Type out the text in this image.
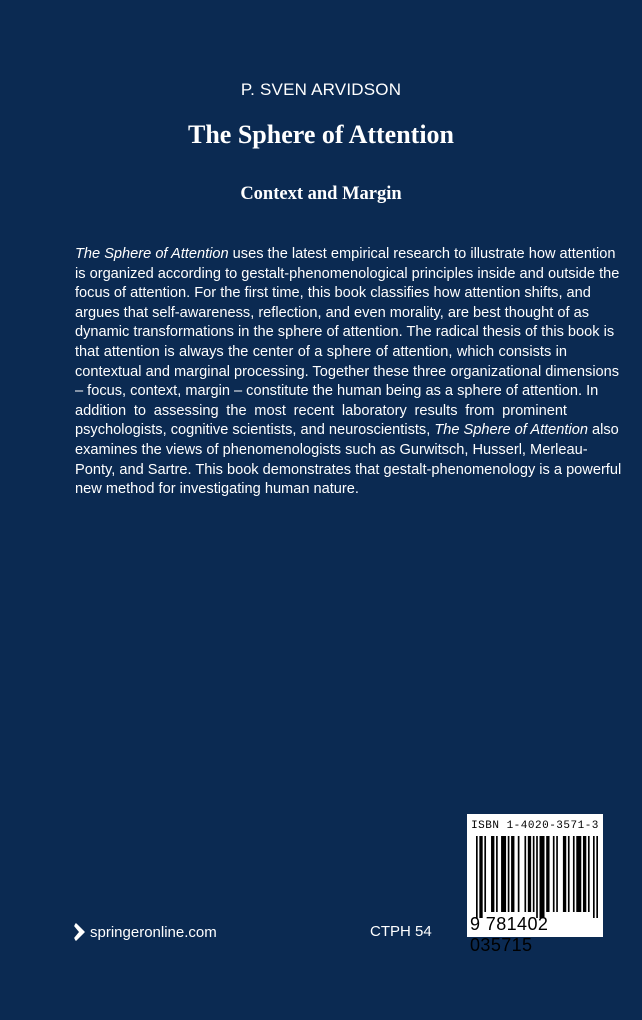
P. SVEN ARVIDSON
The Sphere of Attention
Context and Margin
The Sphere of Attention uses the latest empirical research to illustrate how attention
is organized according to gestalt-phenomenological principles inside and outside the
focus of attention. For the first time, this book classifies how attention shifts, and
argues that self-awareness, reflection, and even morality, are best thought of as
dynamic transformations in the sphere of attention. The radical thesis of this book is
that attention is always the center of a sphere of attention, which consists in
contextual and marginal processing. Together these three organizational dimensions
– focus, context, margin – constitute the human being as a sphere of attention. In
addition to assessing the most recent laboratory results from prominent
psychologists, cognitive scientists, and neuroscientists, The Sphere of Attention also
examines the views of phenomenologists such as Gurwitsch, Husserl, Merleau-
Ponty, and Sartre. This book demonstrates that gestalt-phenomenology is a powerful
new method for investigating human nature.
ISBN 1-4020-3571-3
9 781402 035715
springeronline.com	CTPH 54
